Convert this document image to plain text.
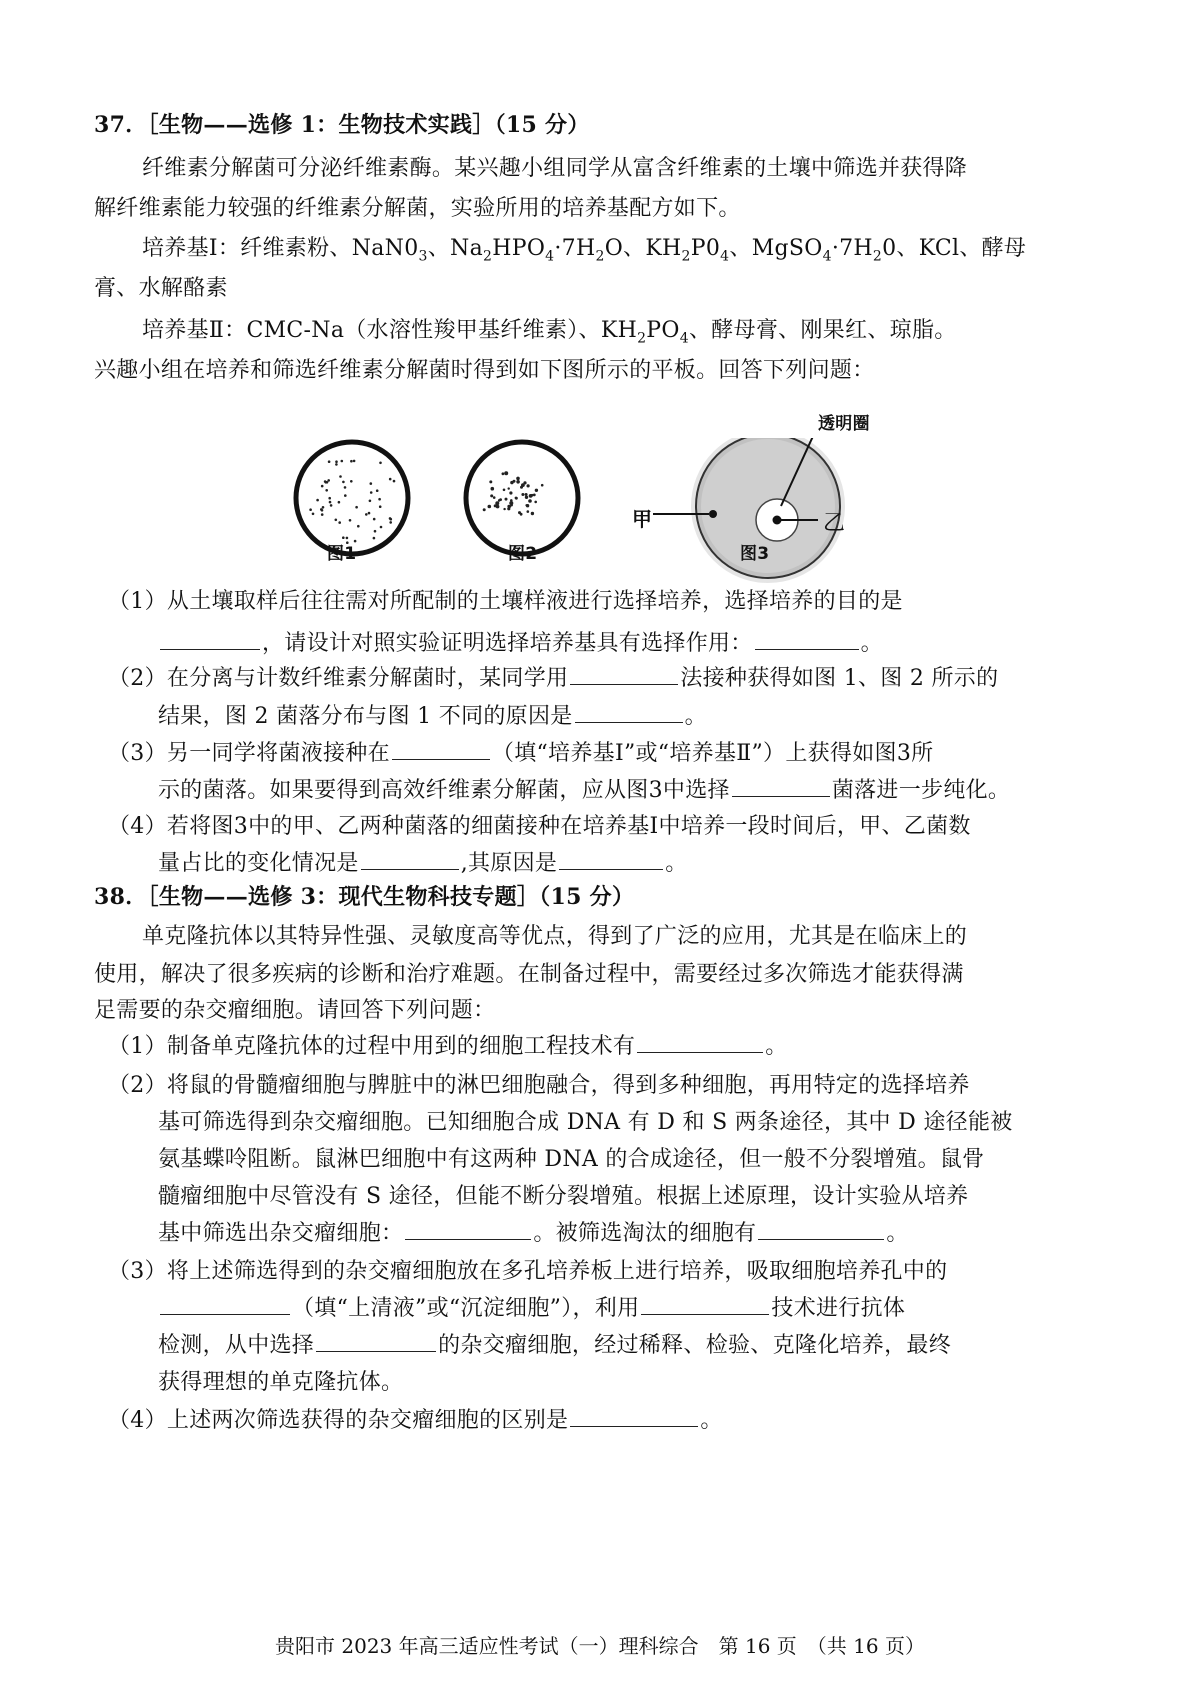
37．［生物——选修 1：生物技术实践］（15 分）
纤维素分解菌可分泌纤维素酶。某兴趣小组同学从富含纤维素的土壤中筛选并获得降
解纤维素能力较强的纤维素分解菌，实验所用的培养基配方如下。
培养基Ⅰ：纤维素粉、$NaN0_3$、$Na_2HPO_4\cdot 7H_2O$、$KH_2P0_4$、$MgSO_4\cdot 7H_20$、KCl、酵母
膏、水解酪素
培养基Ⅱ：CMC-Na（水溶性羧甲基纤维素）、$KH_2PO_4$、酵母膏、刚果红、琼脂。
兴趣小组在培养和筛选纤维素分解菌时得到如下图所示的平板。回答下列问题：
甲	乙
透明圈
图1	图2	图3
（1）从土壤取样后往往需对所配制的土壤样液进行选择培养，选择培养的目的是
，请设计对照实验证明选择培养基具有选择作用：	。
（2）在分离与计数纤维素分解菌时，某同学用	法接种获得如图 1、图 2 所示的
结果，图 2 菌落分布与图 1 不同的原因是	。
（3）另一同学将菌液接种在	（填“培养基Ⅰ”或“培养基Ⅱ”）上获得如图3所
示的菌落。如果要得到高效纤维素分解菌，应从图3中选择	菌落进一步纯化。
（4）若将图3中的甲、乙两种菌落的细菌接种在培养基Ⅰ中培养一段时间后，甲、乙菌数
量占比的变化情况是	,其原因是	。
38．［生物——选修 3：现代生物科技专题］（15 分）
单克隆抗体以其特异性强、灵敏度高等优点，得到了广泛的应用，尤其是在临床上的
使用，解决了很多疾病的诊断和治疗难题。在制备过程中，需要经过多次筛选才能获得满
足需要的杂交瘤细胞。请回答下列问题：
（1）制备单克隆抗体的过程中用到的细胞工程技术有	。
（2）将鼠的骨髓瘤细胞与脾脏中的淋巴细胞融合，得到多种细胞，再用特定的选择培养
基可筛选得到杂交瘤细胞。已知细胞合成 DNA 有 D 和 S 两条途径，其中 D 途径能被
氨基蝶呤阻断。鼠淋巴细胞中有这两种 DNA 的合成途径，但一般不分裂增殖。鼠骨
髓瘤细胞中尽管没有 S 途径，但能不断分裂增殖。根据上述原理，设计实验从培养
基中筛选出杂交瘤细胞：	。被筛选淘汰的细胞有	。
（3）将上述筛选得到的杂交瘤细胞放在多孔培养板上进行培养，吸取细胞培养孔中的
（填“上清液”或“沉淀细胞”），利用	技术进行抗体
检测，从中选择	的杂交瘤细胞，经过稀释、检验、克隆化培养，最终
获得理想的单克隆抗体。
（4）上述两次筛选获得的杂交瘤细胞的区别是	。
贵阳市 2023 年高三适应性考试（一）理科综合　第 16 页　（共 16 页）
